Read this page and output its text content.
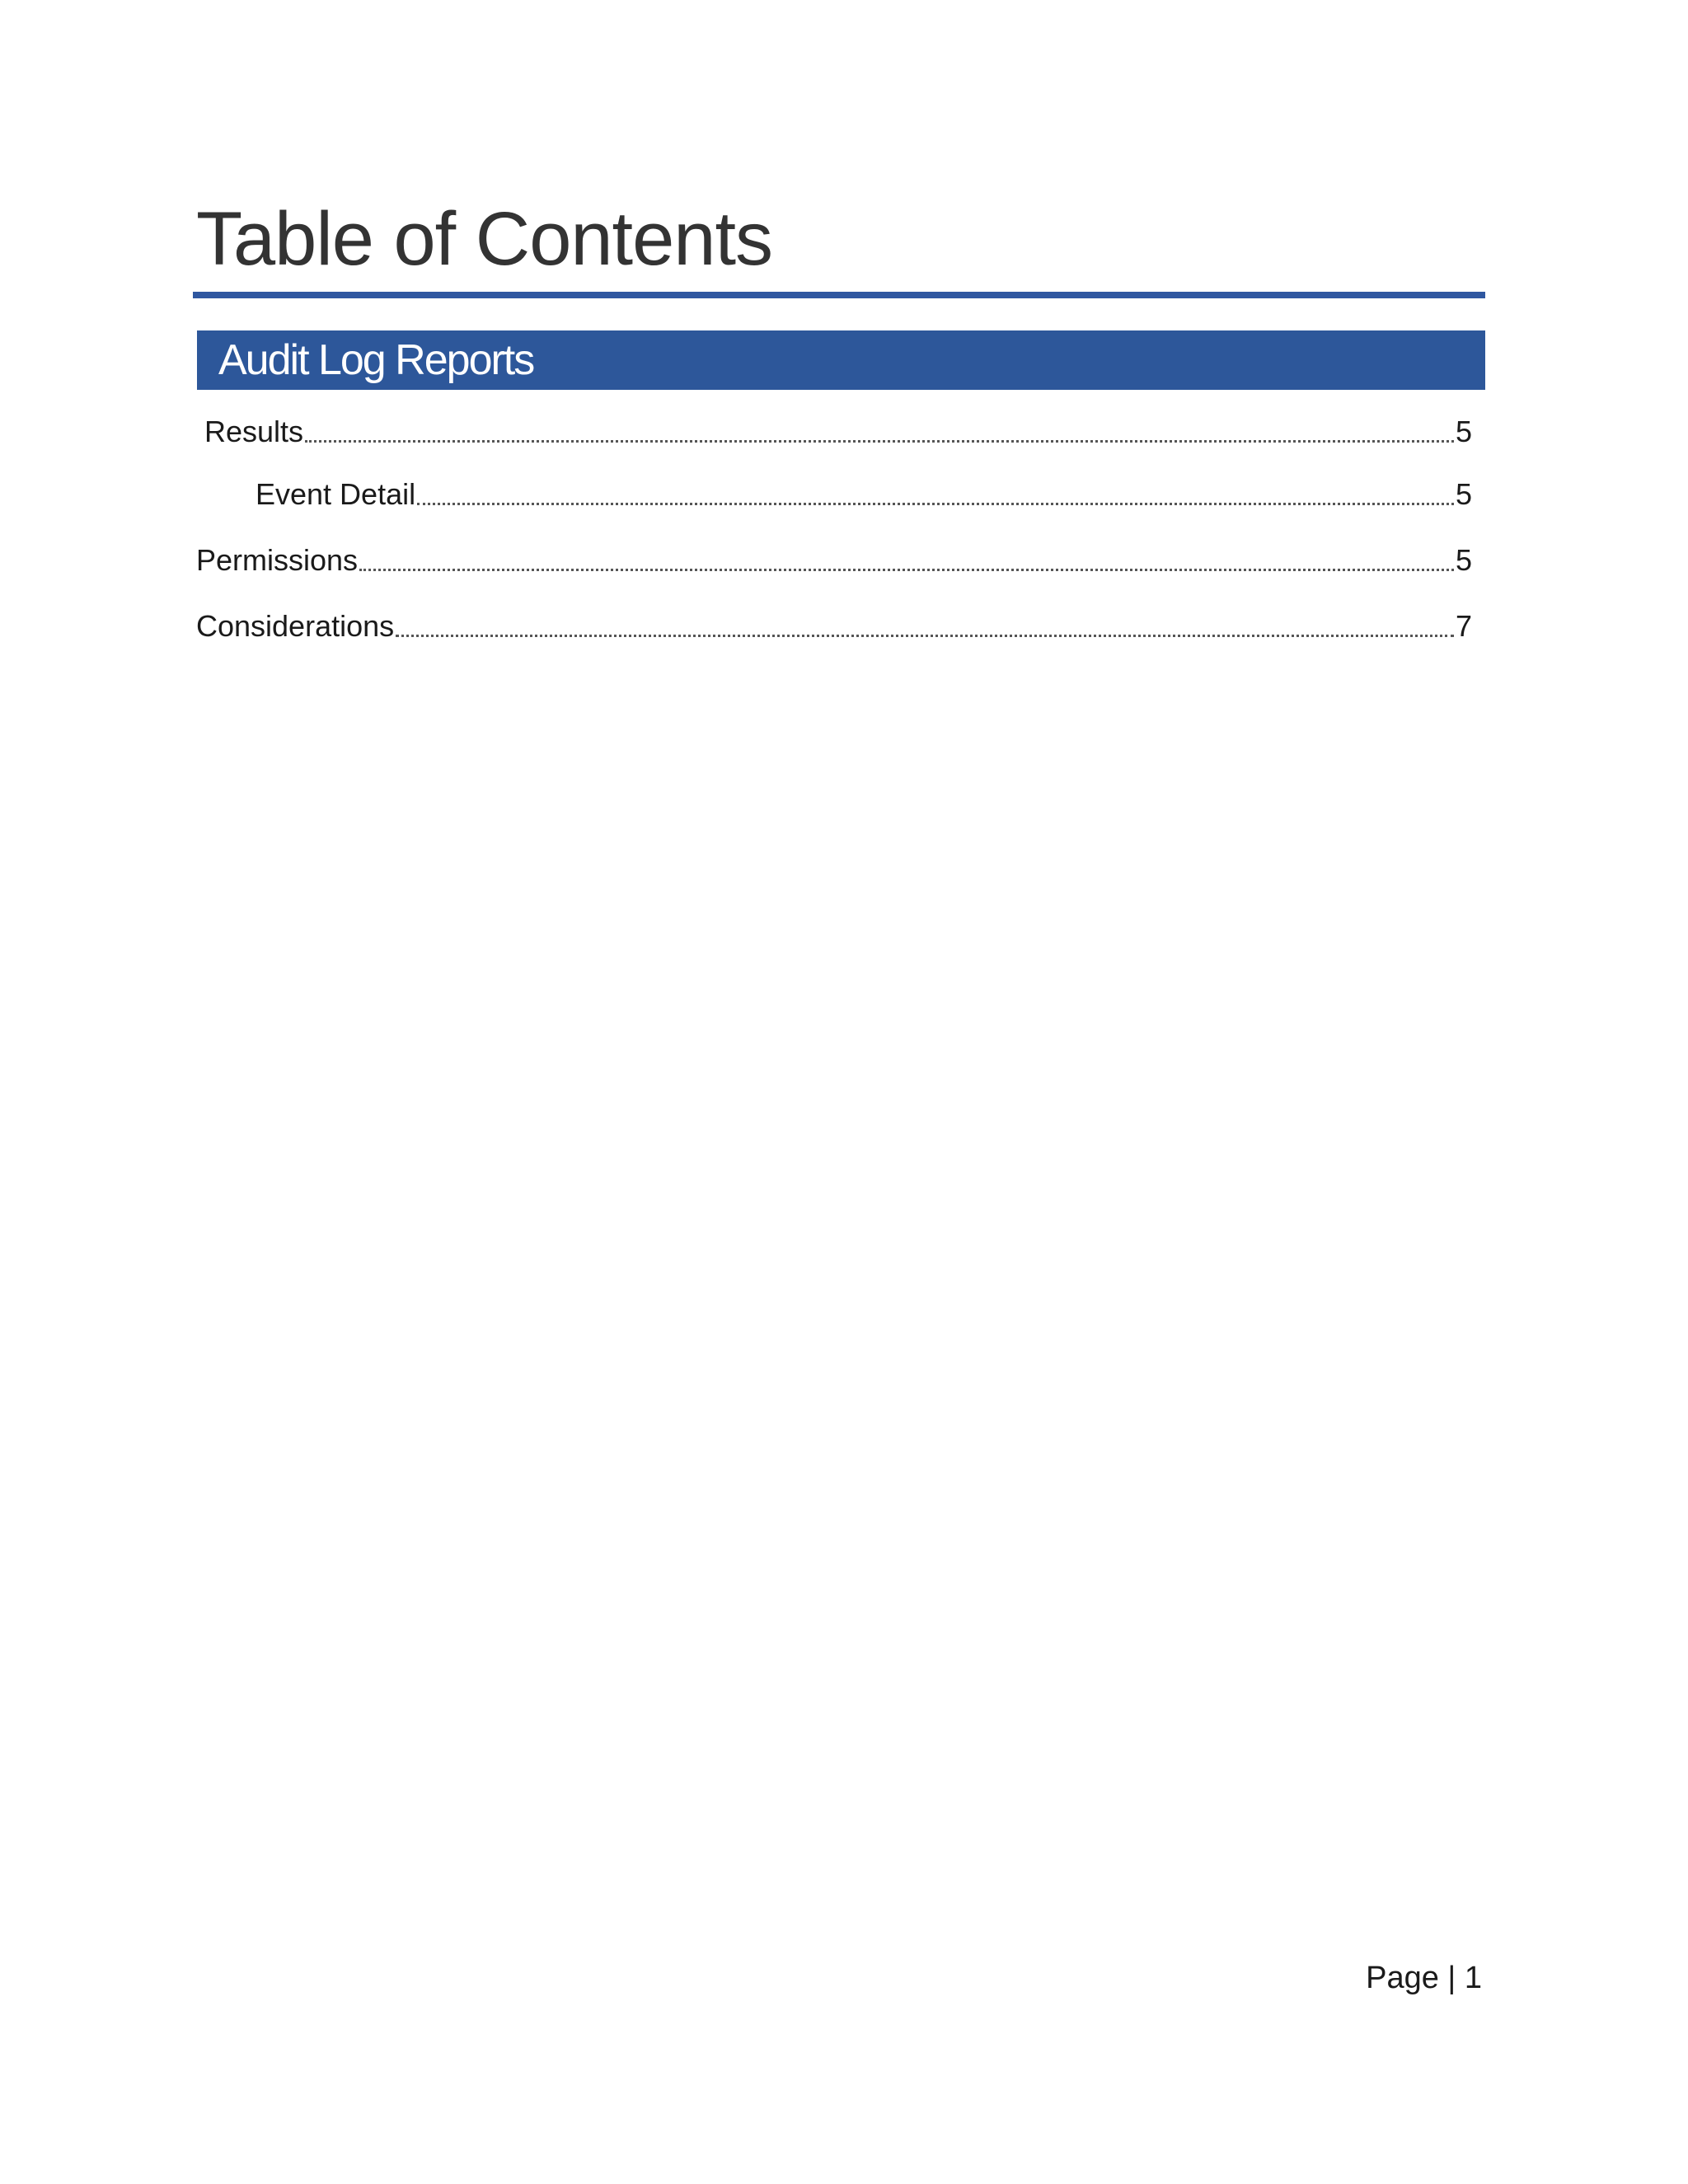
Table of Contents
Audit Log Reports
Results	5
Event Detail	5
Permissions	5
Considerations	7
Page | 1
